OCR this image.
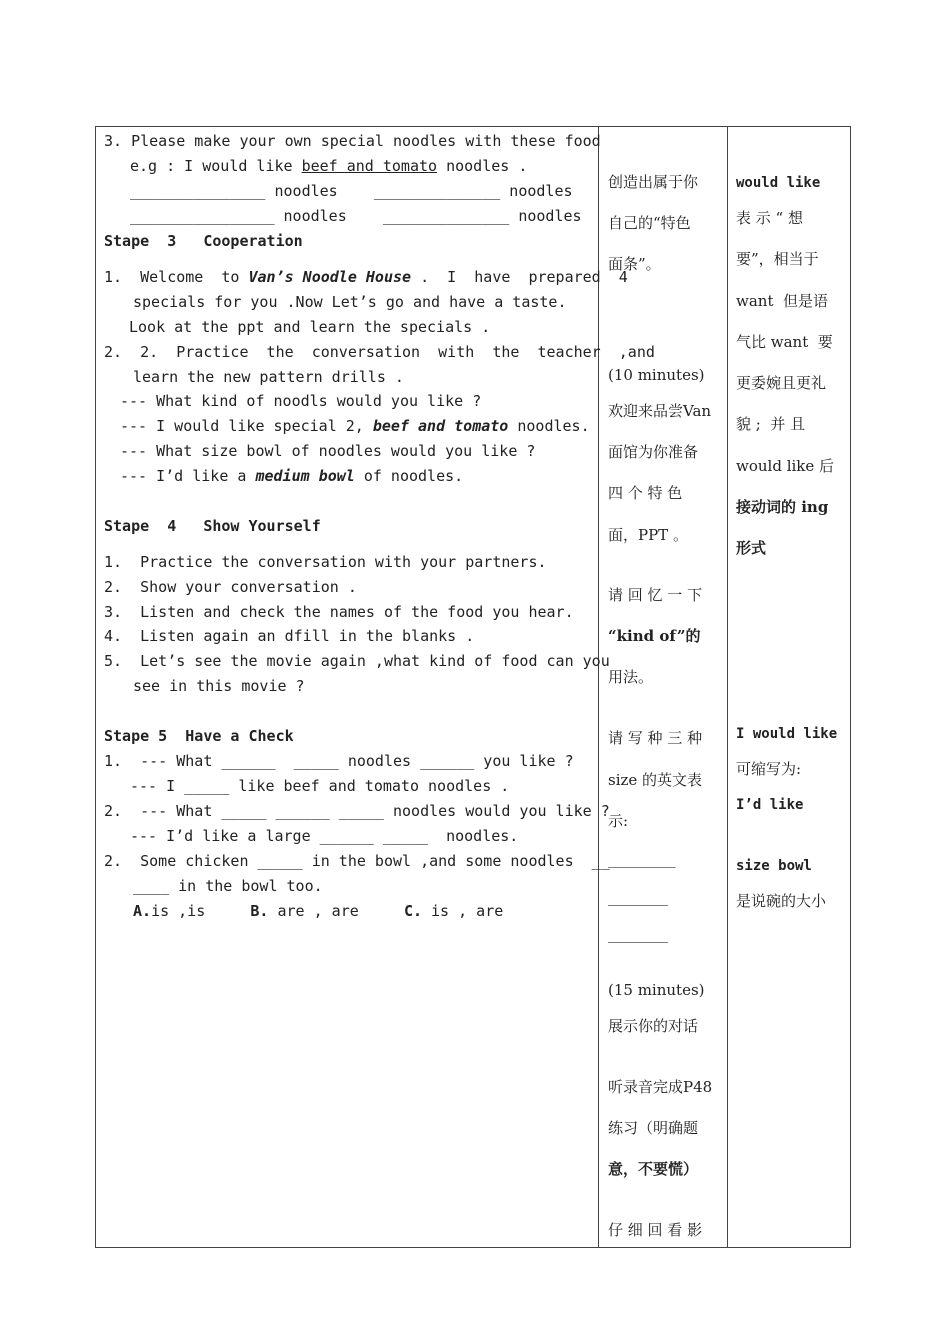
3. Please make your own special noodles with these food
e.g : I would like beef and tomato noodles .
_______________ noodles    ______________ noodles
________________ noodles    ______________ noodles
Stape  3   Cooperation
1.  Welcome  to Van’s Noodle House .  I  have  prepared  4
specials for you .Now Let’s go and have a taste.
Look at the ppt and learn the specials .
2.  2.  Practice  the  conversation  with  the  teacher  ,and
learn the new pattern drills .
--- What kind of noodls would you like ?
--- I would like special 2, beef and tomato noodles.
--- What size bowl of noodles would you like ?
--- I’d like a medium bowl of noodles.
Stape  4   Show Yourself
1.  Practice the conversation with your partners.
2.  Show your conversation .
3.  Listen and check the names of the food you hear.
4.  Listen again an dfill in the blanks .
5.  Let’s see the movie again ,what kind of food can you
see in this movie ?
Stape 5  Have a Check
1.  --- What ______  _____ noodles ______ you like ?
--- I _____ like beef and tomato noodles .
2.  --- What _____ ______ _____ noodles would you like ?
--- I’d like a large ______ _____  noodles.
2.  Some chicken _____ in the bowl ,and some noodles  __
____ in the bowl too.
A.is ,is	B. are , are	C. is , are
创造出属于你
自己的“特色
面条”。
(10 minutes)
欢迎来品尝Van
面馆为你准备
四 个 特 色
面，PPT 。
请 回 忆 一 下
“kind of”的
用法。
请 写 种 三 种
size 的英文表
示:
_________
________
________
(15 minutes)
展示你的对话
听录音完成P48
练习（明确题
意，不要慌）
仔 细 回 看 影
would like
表 示 “ 想
要”，相当于
want  但是语
气比 want  要
更委婉且更礼
貌 ;  并 且
would like 后
接动词的 ing
形式
I would like
可缩写为:
I’d like
size bowl
是说碗的大小
